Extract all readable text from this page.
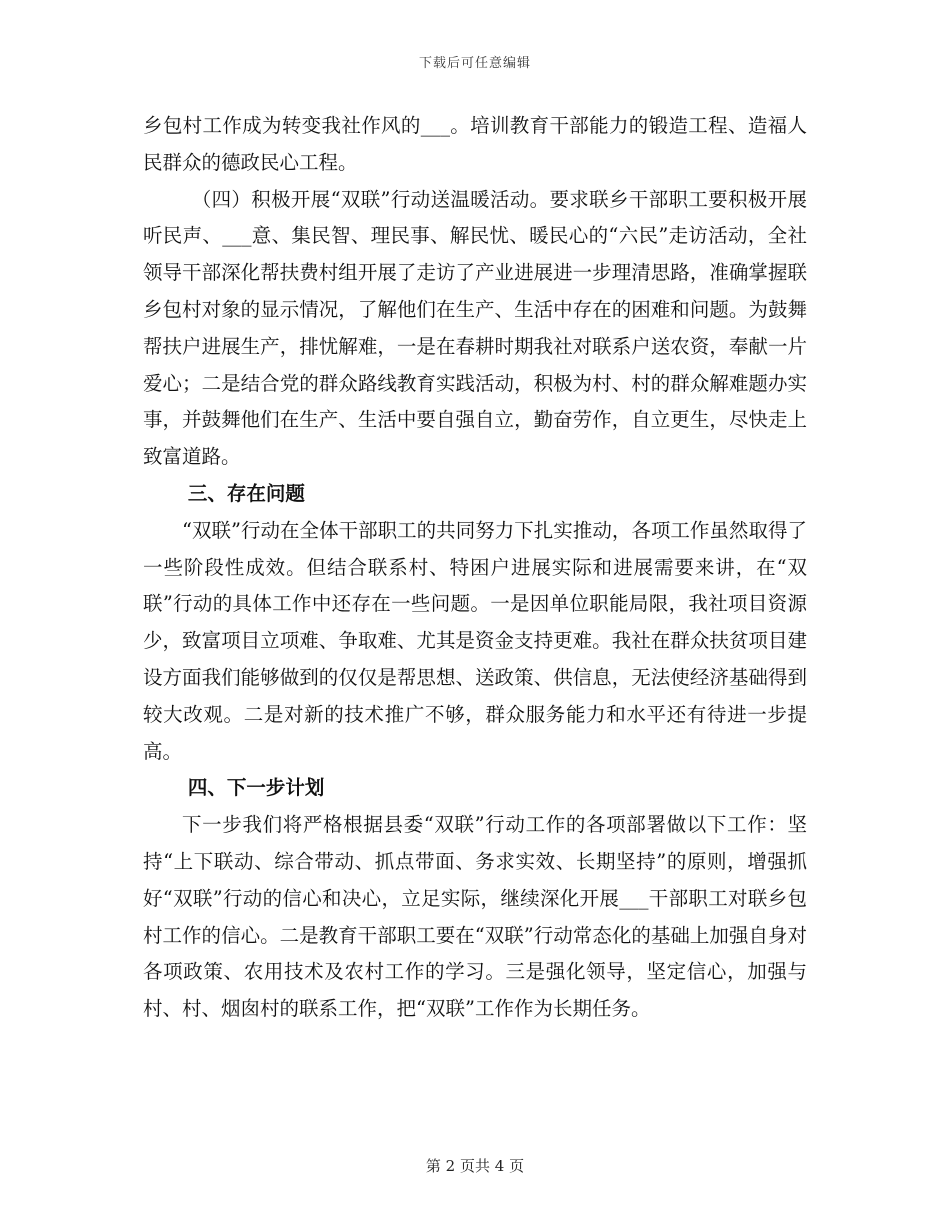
下载后可任意编辑

乡包村工作成为转变我社作风的___。培训教育干部能力的锻造工程、造福人民群众的德政民心工程。

（四）积极开展“双联”行动送温暖活动。要求联乡干部职工要积极开展听民声、___意、集民智、理民事、解民忧、暖民心的“六民”走访活动，全社领导干部深化帮扶费村组开展了走访了产业进展进一步理清思路，准确掌握联乡包村对象的显示情况，了解他们在生产、生活中存在的困难和问题。为鼓舞帮扶户进展生产，排忧解难，一是在春耕时期我社对联系户送农资，奉献一片爱心；二是结合党的群众路线教育实践活动，积极为村、村的群众解难题办实事，并鼓舞他们在生产、生活中要自强自立，勤奋劳作，自立更生，尽快走上致富道路。

三、存在问题

“双联”行动在全体干部职工的共同努力下扎实推动，各项工作虽然取得了一些阶段性成效。但结合联系村、特困户进展实际和进展需要来讲，在“双联”行动的具体工作中还存在一些问题。一是因单位职能局限，我社项目资源少，致富项目立项难、争取难、尤其是资金支持更难。我社在群众扶贫项目建设方面我们能够做到的仅仅是帮思想、送政策、供信息，无法使经济基础得到较大改观。二是对新的技术推广不够，群众服务能力和水平还有待进一步提高。

四、下一步计划

下一步我们将严格根据县委“双联”行动工作的各项部署做以下工作：坚持“上下联动、综合带动、抓点带面、务求实效、长期坚持”的原则，增强抓好“双联”行动的信心和决心，立足实际，继续深化开展___干部职工对联乡包村工作的信心。二是教育干部职工要在“双联”行动常态化的基础上加强自身对各项政策、农用技术及农村工作的学习。三是强化领导，坚定信心，加强与村、村、烟囱村的联系工作，把“双联”工作作为长期任务。

第 2 页共 4 页
